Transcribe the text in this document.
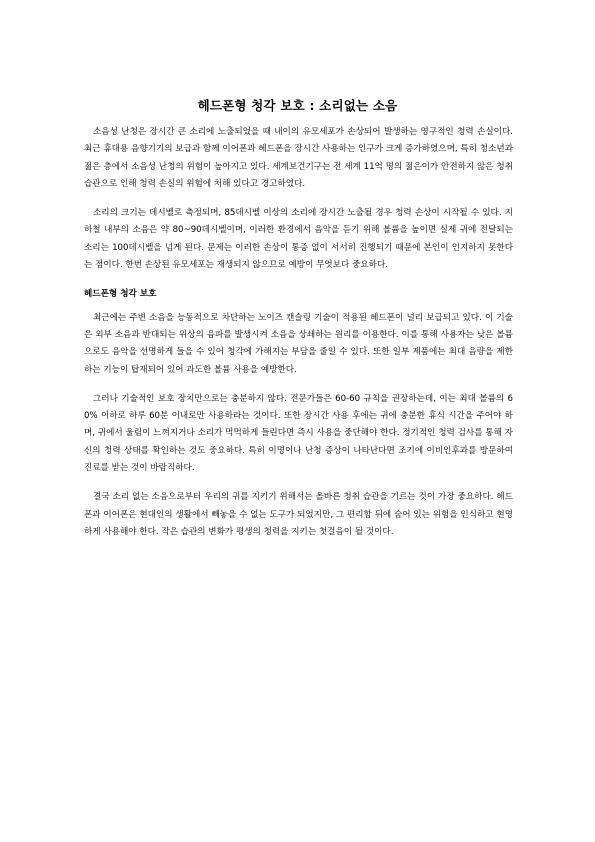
헤드폰형 청각 보호 : 소리없는 소음

소음성 난청은 장시간 큰 소리에 노출되었을 때 내이의 유모세포가 손상되어 발생하는 영구적인 청력 손실이다. 최근 휴대용 음향기기의 보급과 함께 이어폰과 헤드폰을 장시간 사용하는 인구가 크게 증가하였으며, 특히 청소년과 젊은 층에서 소음성 난청의 위험이 높아지고 있다. 세계보건기구는 전 세계 11억 명의 젊은이가 안전하지 않은 청취 습관으로 인해 청력 손실의 위험에 처해 있다고 경고하였다.

소리의 크기는 데시벨로 측정되며, 85데시벨 이상의 소리에 장시간 노출될 경우 청력 손상이 시작될 수 있다. 지하철 내부의 소음은 약 80~90데시벨이며, 이러한 환경에서 음악을 듣기 위해 볼륨을 높이면 실제 귀에 전달되는 소리는 100데시벨을 넘게 된다. 문제는 이러한 손상이 통증 없이 서서히 진행되기 때문에 본인이 인지하지 못한다는 점이다. 한번 손상된 유모세포는 재생되지 않으므로 예방이 무엇보다 중요하다.

헤드폰형 청각 보호

최근에는 주변 소음을 능동적으로 차단하는 노이즈 캔슬링 기술이 적용된 헤드폰이 널리 보급되고 있다. 이 기술은 외부 소음과 반대되는 위상의 음파를 발생시켜 소음을 상쇄하는 원리를 이용한다. 이를 통해 사용자는 낮은 볼륨으로도 음악을 선명하게 들을 수 있어 청각에 가해지는 부담을 줄일 수 있다. 또한 일부 제품에는 최대 음량을 제한하는 기능이 탑재되어 있어 과도한 볼륨 사용을 예방한다.

그러나 기술적인 보호 장치만으로는 충분하지 않다. 전문가들은 60-60 규칙을 권장하는데, 이는 최대 볼륨의 60% 이하로 하루 60분 이내로만 사용하라는 것이다. 또한 장시간 사용 후에는 귀에 충분한 휴식 시간을 주어야 하며, 귀에서 울림이 느껴지거나 소리가 먹먹하게 들린다면 즉시 사용을 중단해야 한다. 정기적인 청력 검사를 통해 자신의 청력 상태를 확인하는 것도 중요하다. 특히 이명이나 난청 증상이 나타난다면 조기에 이비인후과를 방문하여 진료를 받는 것이 바람직하다.

결국 소리 없는 소음으로부터 우리의 귀를 지키기 위해서는 올바른 청취 습관을 기르는 것이 가장 중요하다. 헤드폰과 이어폰은 현대인의 생활에서 빼놓을 수 없는 도구가 되었지만, 그 편리함 뒤에 숨어 있는 위험을 인식하고 현명하게 사용해야 한다. 작은 습관의 변화가 평생의 청력을 지키는 첫걸음이 될 것이다.
